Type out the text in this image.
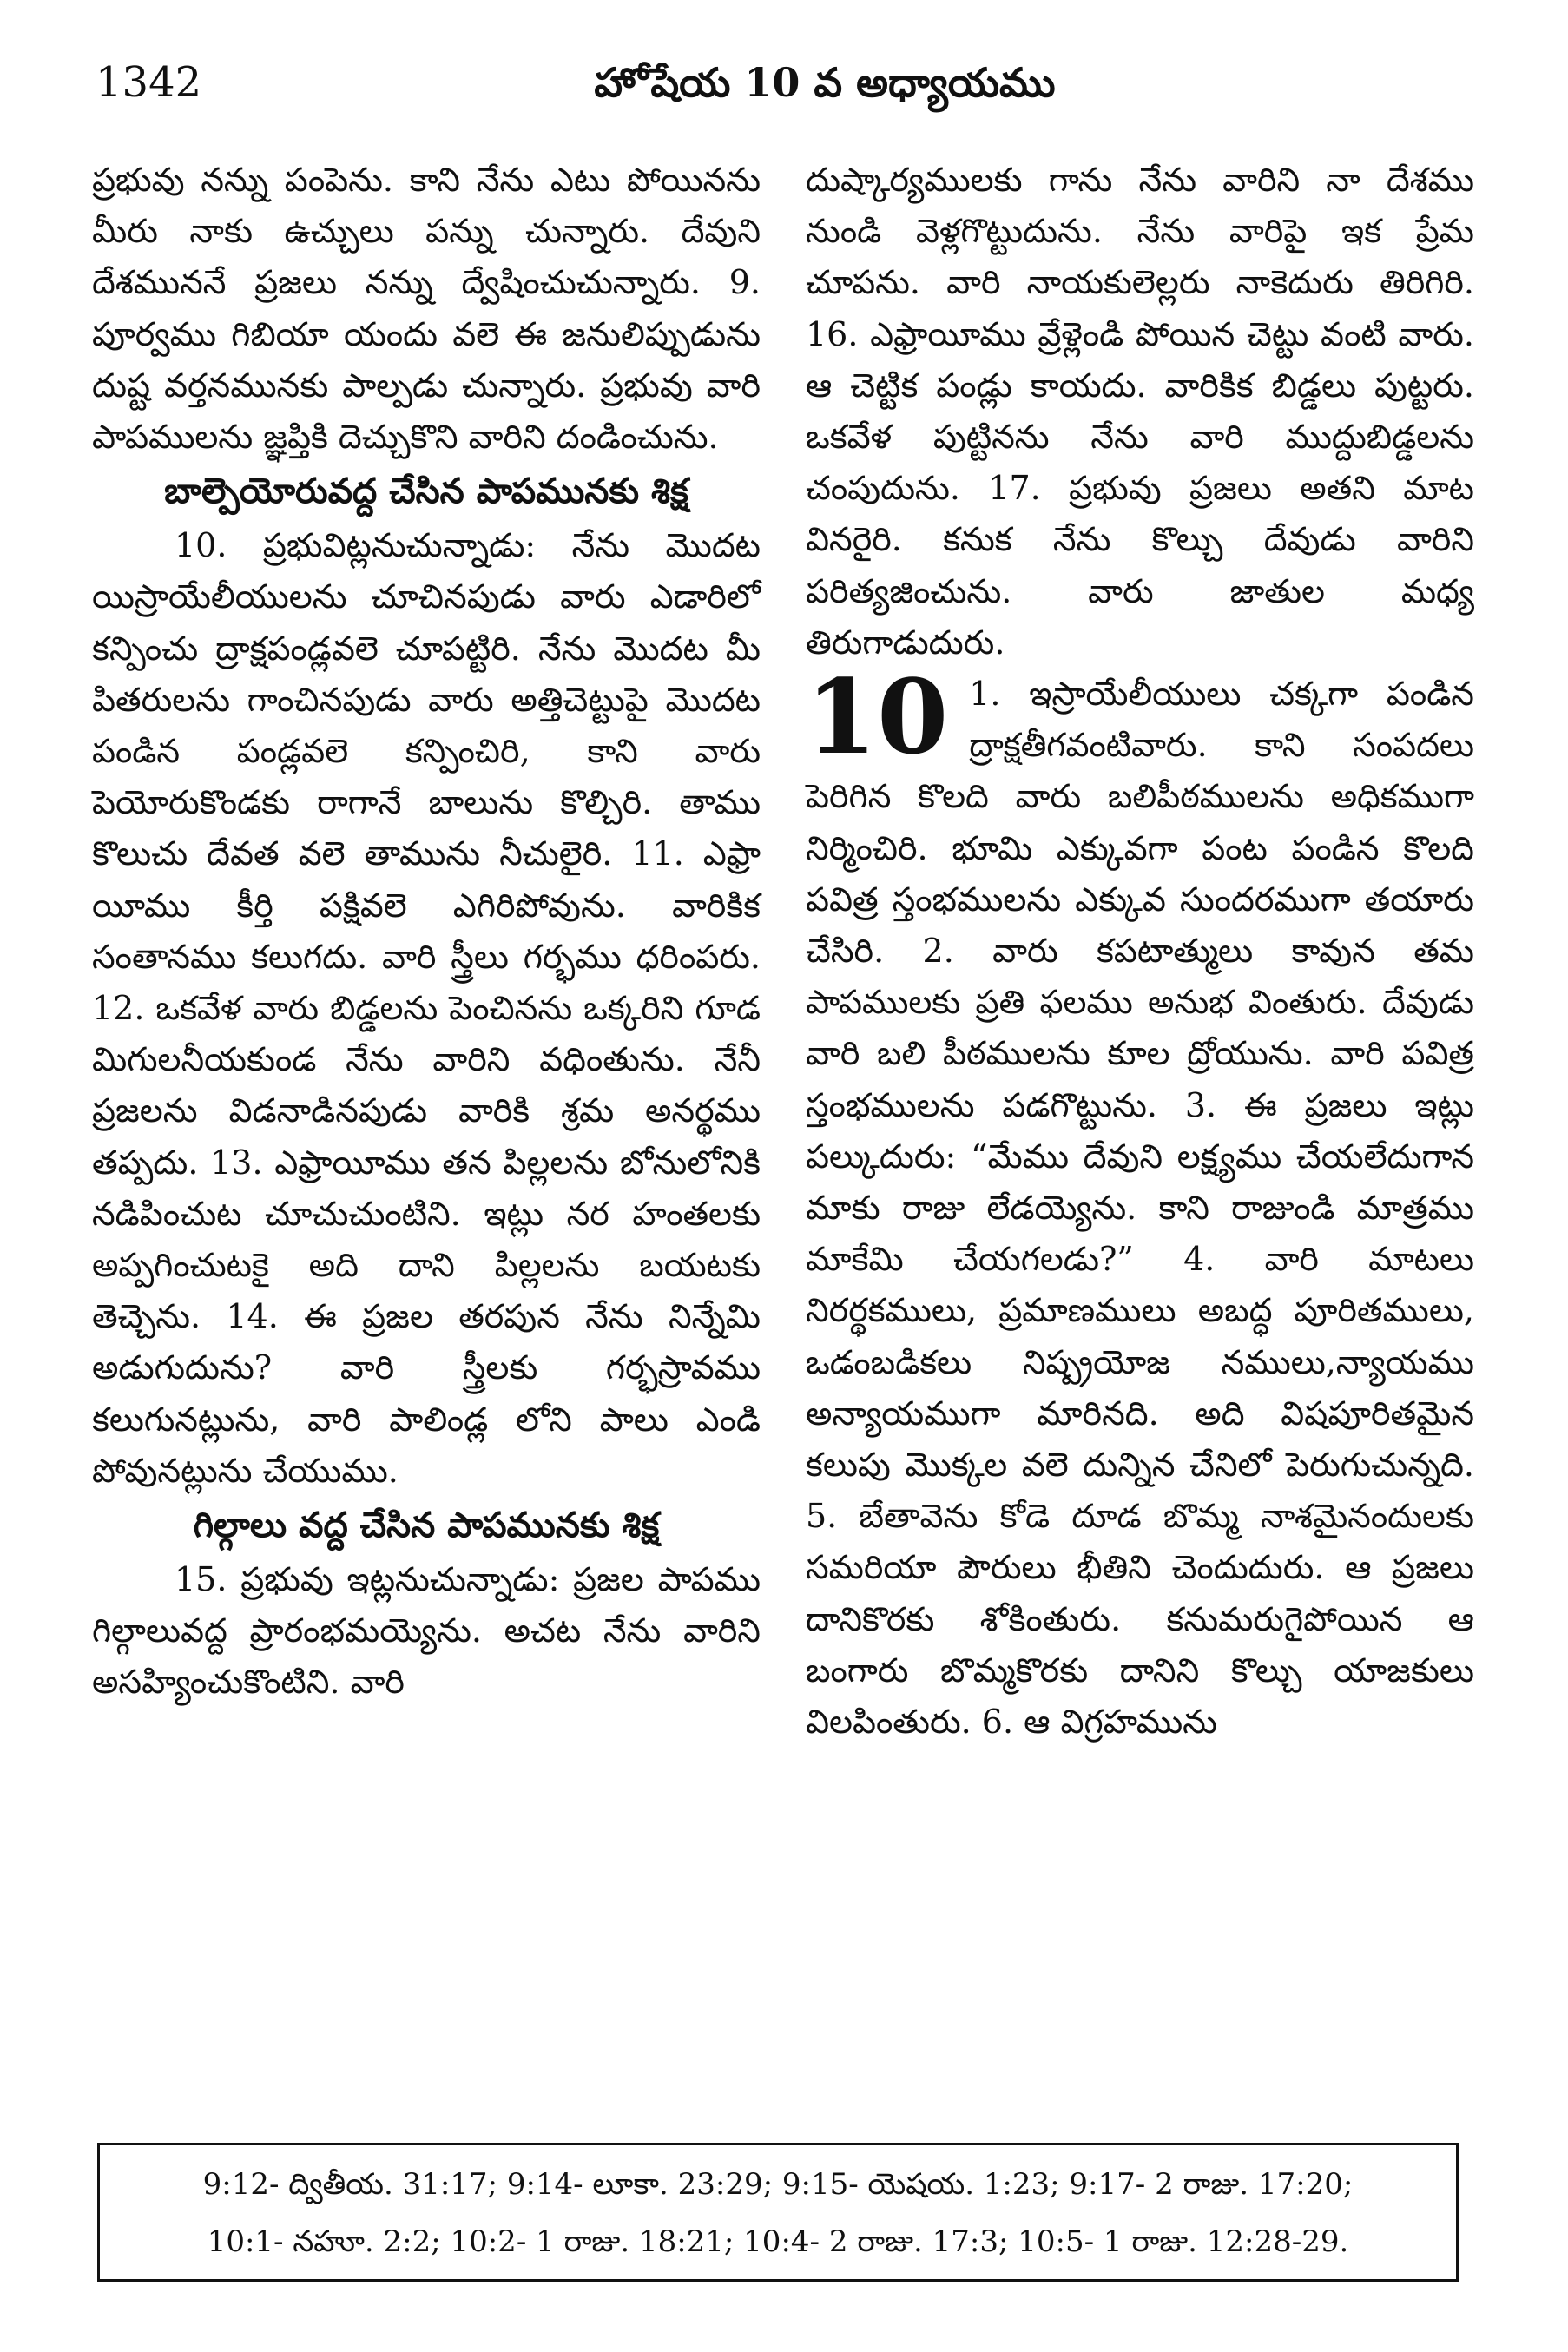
1342	హోషేయ 10 వ అధ్యాయము

ప్రభువు నన్ను పంపెను. కాని నేను ఎటు పోయినను మీరు నాకు ఉచ్చులు పన్ను చున్నారు. దేవుని దేశముననే ప్రజలు నన్ను ద్వేషించుచున్నారు. 9. పూర్వము గిబియా యందు వలె ఈ జనులిప్పుడును దుష్ట వర్తనమునకు పాల్పడు చున్నారు. ప్రభువు వారి పాపములను జ్ఞప్తికి దెచ్చుకొని వారిని దండించును.

బాల్పెయోరువద్ద చేసిన పాపమునకు శిక్ష

10. ప్రభువిట్లనుచున్నాడు: నేను మొదట యిస్రాయేలీయులను చూచినపుడు వారు ఎడారిలో కన్పించు ద్రాక్షపండ్లవలె చూపట్టిరి. నేను మొదట మీ పితరులను గాంచినపుడు వారు అత్తిచెట్టుపై మొదట పండిన పండ్లవలె కన్పించిరి, కాని వారు పెయోరుకొండకు రాగానే బాలును కొల్చిరి. తాము కొలుచు దేవత వలె తామును నీచులైరి. 11. ఎఫ్రా యీము కీర్తి పక్షివలె ఎగిరిపోవును. వారికిక సంతానము కలుగదు. వారి స్త్రీలు గర్భము ధరింపరు. 12. ఒకవేళ వారు బిడ్డలను పెంచినను ఒక్కరిని గూడ మిగులనీయకుండ నేను వారిని వధింతును. నేనీ ప్రజలను విడనాడినపుడు వారికి శ్రమ అనర్థము తప్పదు. 13. ఎఫ్రాయీము తన పిల్లలను బోనులోనికి నడిపించుట చూచుచుంటిని. ఇట్లు నర హంతలకు అప్పగించుటకై అది దాని పిల్లలను బయటకు తెచ్చెను. 14. ఈ ప్రజల తరపున నేను నిన్నేమి అడుగుదును? వారి స్త్రీలకు గర్భస్రావము కలుగునట్లును, వారి పాలిండ్ల లోని పాలు ఎండి పోవునట్లును చేయుము.

గిల్గాలు వద్ద చేసిన పాపమునకు శిక్ష

15. ప్రభువు ఇట్లనుచున్నాడు: ప్రజల పాపము గిల్గాలువద్ద ప్రారంభమయ్యెను. అచట నేను వారిని అసహ్యించుకొంటిని. వారి

దుష్కార్యములకు గాను నేను వారిని నా దేశము నుండి వెళ్లగొట్టుదును. నేను వారిపై ఇక ప్రేమ చూపను. వారి నాయకులెల్లరు నాకెదురు తిరిగిరి. 16. ఎఫ్రాయీము వ్రేళ్లెండి పోయిన చెట్టు వంటి వారు. ఆ చెట్టిక పండ్లు కాయదు. వారికిక బిడ్డలు పుట్టరు. ఒకవేళ పుట్టినను నేను వారి ముద్దుబిడ్డలను చంపుదును. 17. ప్రభువు ప్రజలు అతని మాట వినరైరి. కనుక నేను కొల్చు దేవుడు వారిని పరిత్యజించును. వారు జాతుల మధ్య తిరుగాడుదురు.

10 1. ఇస్రాయేలీయులు చక్కగా పండిన ద్రాక్షతీగవంటివారు. కాని సంపదలు పెరిగిన కొలది వారు బలిపీఠములను అధికముగా నిర్మించిరి. భూమి ఎక్కువగా పంట పండిన కొలది పవిత్ర స్తంభములను ఎక్కువ సుందరముగా తయారు చేసిరి. 2. వారు కపటాత్ములు కావున తమ పాపములకు ప్రతి ఫలము అనుభ వింతురు. దేవుడు వారి బలి పీఠములను కూల ద్రోయును. వారి పవిత్ర స్తంభములను పడగొట్టును. 3. ఈ ప్రజలు ఇట్లు పల్కుదురు: “మేము దేవుని లక్ష్యము చేయలేదుగాన మాకు రాజు లేడయ్యెను. కాని రాజుండి మాత్రము మాకేమి చేయగలడు?” 4. వారి మాటలు నిరర్థకములు, ప్రమాణములు అబద్ధ పూరితములు, ఒడంబడికలు నిష్ప్రయోజ నములు,న్యాయము అన్యాయముగా మారినది. అది విషపూరితమైన కలుపు మొక్కల వలె దున్నిన చేనిలో పెరుగుచున్నది. 5. బేతావెను కోడె దూడ బొమ్మ నాశమైనందులకు సమరియా పౌరులు భీతిని చెందుదురు. ఆ ప్రజలు దానికొరకు శోకింతురు. కనుమరుగైపోయిన ఆ బంగారు బొమ్మకొరకు దానిని కొల్చు యాజకులు విలపింతురు. 6. ఆ విగ్రహమును

9:12- ద్వితీయ. 31:17; 9:14- లూకా. 23:29; 9:15- యెషయ. 1:23; 9:17- 2 రాజు. 17:20;
10:1- నహూ. 2:2; 10:2- 1 రాజు. 18:21; 10:4- 2 రాజు. 17:3; 10:5- 1 రాజు. 12:28-29.
